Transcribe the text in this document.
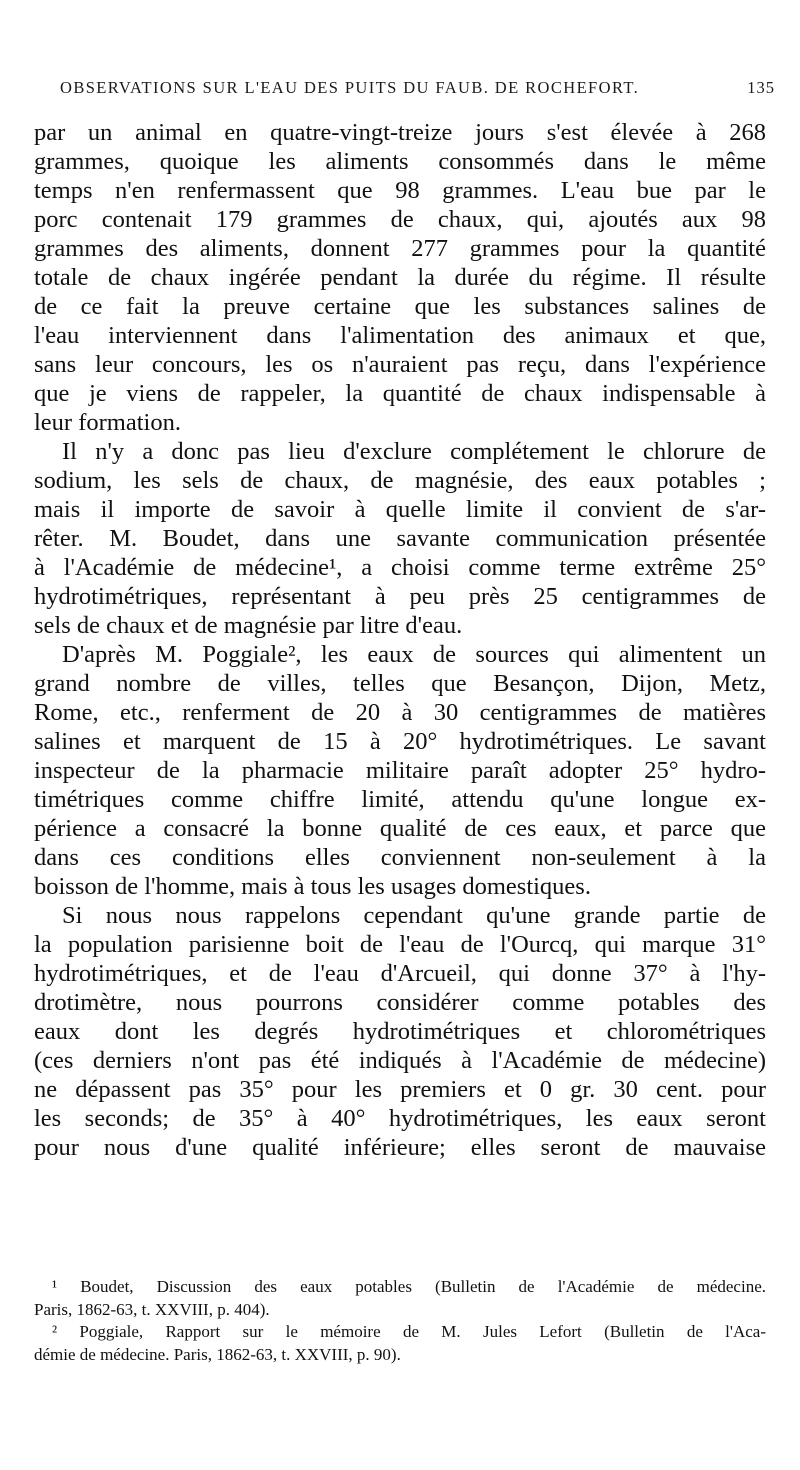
OBSERVATIONS SUR L'EAU DES PUITS DU FAUB. DE ROCHEFORT.	135

par un animal en quatre-vingt-treize jours s'est élevée à 268

grammes, quoique les aliments consommés dans le même

temps n'en renfermassent que 98 grammes. L'eau bue par le

porc contenait 179 grammes de chaux, qui, ajoutés aux 98

grammes des aliments, donnent 277 grammes pour la quantité

totale de chaux ingérée pendant la durée du régime. Il résulte

de ce fait la preuve certaine que les substances salines de

l'eau interviennent dans l'alimentation des animaux et que,

sans leur concours, les os n'auraient pas reçu, dans l'expérience

que je viens de rappeler, la quantité de chaux indispensable à

leur formation.

Il n'y a donc pas lieu d'exclure complétement le chlorure de

sodium, les sels de chaux, de magnésie, des eaux potables ;

mais il importe de savoir à quelle limite il convient de s'ar-

rêter. M. Boudet, dans une savante communication présentée

à l'Académie de médecine¹, a choisi comme terme extrême 25°

hydrotimétriques, représentant à peu près 25 centigrammes de

sels de chaux et de magnésie par litre d'eau.

D'après M. Poggiale², les eaux de sources qui alimentent un

grand nombre de villes, telles que Besançon, Dijon, Metz,

Rome, etc., renferment de 20 à 30 centigrammes de matières

salines et marquent de 15 à 20° hydrotimétriques. Le savant

inspecteur de la pharmacie militaire paraît adopter 25° hydro-

timétriques comme chiffre limité, attendu qu'une longue ex-

périence a consacré la bonne qualité de ces eaux, et parce que

dans ces conditions elles conviennent non-seulement à la

boisson de l'homme, mais à tous les usages domestiques.

Si nous nous rappelons cependant qu'une grande partie de

la population parisienne boit de l'eau de l'Ourcq, qui marque 31°

hydrotimétriques, et de l'eau d'Arcueil, qui donne 37° à l'hy-

drotimètre, nous pourrons considérer comme potables des

eaux dont les degrés hydrotimétriques et chlorométriques

(ces derniers n'ont pas été indiqués à l'Académie de médecine)

ne dépassent pas 35° pour les premiers et 0 gr. 30 cent. pour

les seconds; de 35° à 40° hydrotimétriques, les eaux seront

pour nous d'une qualité inférieure; elles seront de mauvaise

¹ Boudet, Discussion des eaux potables (Bulletin de l'Académie de médecine.

Paris, 1862-63, t. XXVIII, p. 404).

² Poggiale, Rapport sur le mémoire de M. Jules Lefort (Bulletin de l'Aca-

démie de médecine. Paris, 1862-63, t. XXVIII, p. 90).
